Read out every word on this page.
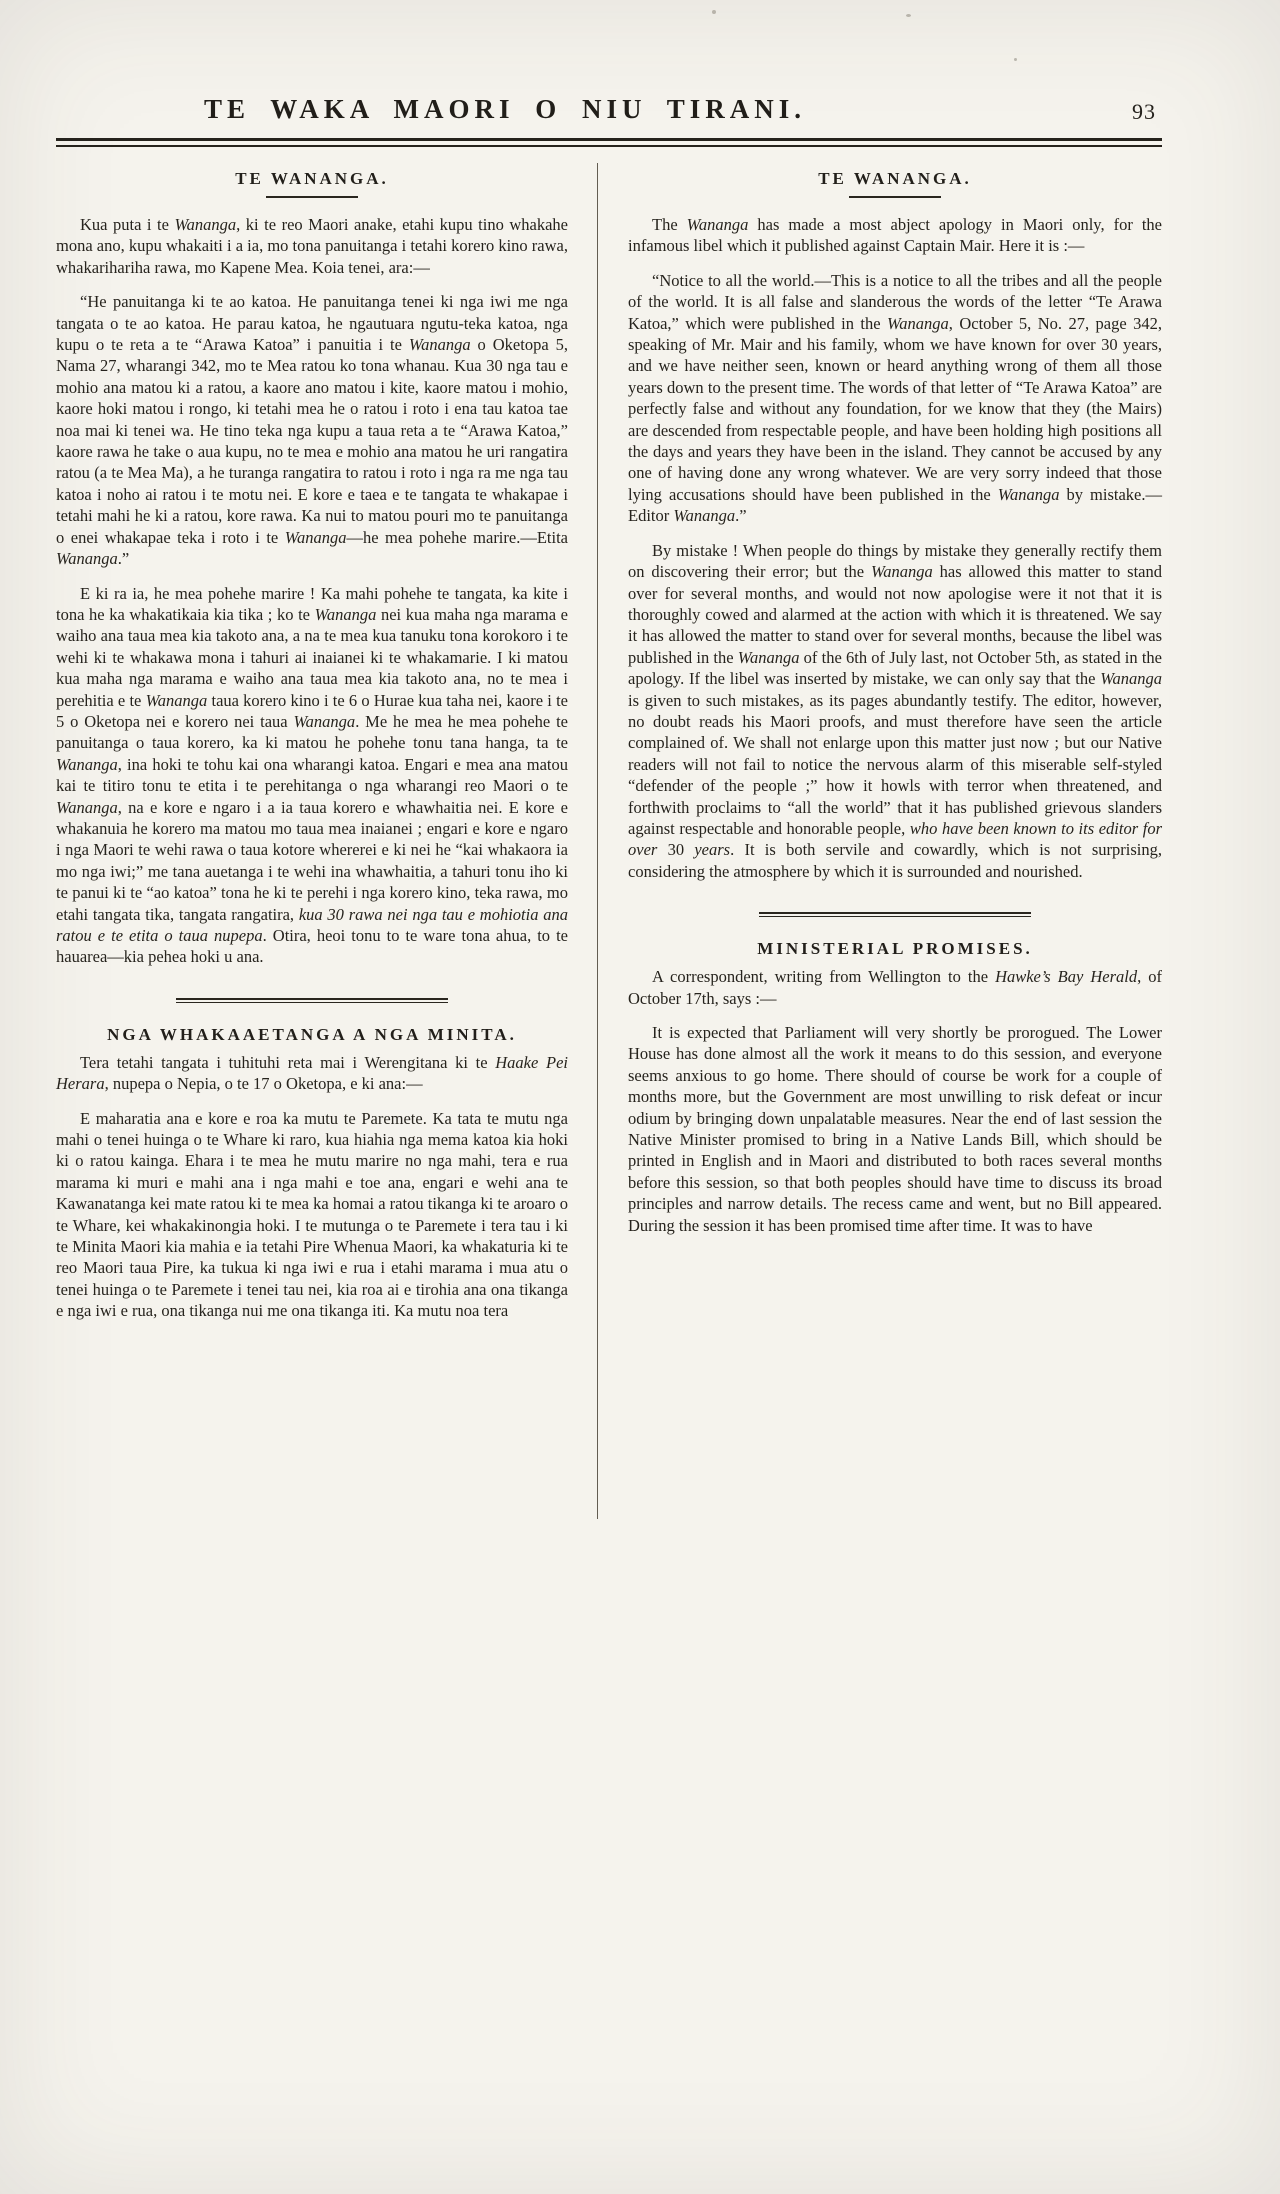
TE WAKA MAORI O NIU TIRANI.	93
TE WANANGA.

Kua puta i te Wananga, ki te reo Maori anake, etahi kupu tino whakahe mona ano, kupu whakaiti i a ia, mo tona panuitanga i tetahi korero kino rawa, whakarihariha rawa, mo Kapene Mea. Koia tenei, ara:—

“He panuitanga ki te ao katoa. He panuitanga tenei ki nga iwi me nga tangata o te ao katoa. He parau katoa, he ngautuara ngutu-teka katoa, nga kupu o te reta a te “Arawa Katoa” i panuitia i te Wananga o Oketopa 5, Nama 27, wharangi 342, mo te Mea ratou ko tona whanau. Kua 30 nga tau e mohio ana matou ki a ratou, a kaore ano matou i kite, kaore matou i mohio, kaore hoki matou i rongo, ki tetahi mea he o ratou i roto i ena tau katoa tae noa mai ki tenei wa. He tino teka nga kupu a taua reta a te “Arawa Katoa,” kaore rawa he take o aua kupu, no te mea e mohio ana matou he uri rangatira ratou (a te Mea Ma), a he turanga rangatira to ratou i roto i nga ra me nga tau katoa i noho ai ratou i te motu nei. E kore e taea e te tangata te whakapae i tetahi mahi he ki a ratou, kore rawa. Ka nui to matou pouri mo te panuitanga o enei whakapae teka i roto i te Wananga—he mea pohehe marire.—Etita Wananga.”

E ki ra ia, he mea pohehe marire ! Ka mahi pohehe te tangata, ka kite i tona he ka whakatikaia kia tika ; ko te Wananga nei kua maha nga marama e waiho ana taua mea kia takoto ana, a na te mea kua tanuku tona korokoro i te wehi ki te whakawa mona i tahuri ai inaianei ki te whakamarie. I ki matou kua maha nga marama e waiho ana taua mea kia takoto ana, no te mea i perehitia e te Wananga taua korero kino i te 6 o Hurae kua taha nei, kaore i te 5 o Oketopa nei e korero nei taua Wananga. Me he mea he mea pohehe te panuitanga o taua korero, ka ki matou he pohehe tonu tana hanga, ta te Wananga, ina hoki te tohu kai ona wharangi katoa. Engari e mea ana matou kai te titiro tonu te etita i te perehitanga o nga wharangi reo Maori o te Wananga, na e kore e ngaro i a ia taua korero e whawhaitia nei. E kore e whakanuia he korero ma matou mo taua mea inaianei ; engari e kore e ngaro i nga Maori te wehi rawa o taua kotore whererei e ki nei he “kai whakaora ia mo nga iwi;” me tana auetanga i te wehi ina whawhaitia, a tahuri tonu iho ki te panui ki te “ao katoa” tona he ki te perehi i nga korero kino, teka rawa, mo etahi tangata tika, tangata rangatira, kua 30 rawa nei nga tau e mohiotia ana ratou e te etita o taua nupepa. Otira, heoi tonu to te ware tona ahua, to te hauarea—kia pehea hoki u ana.

NGA WHAKAAETANGA A NGA MINITA.

Tera tetahi tangata i tuhituhi reta mai i Werengitana ki te Haake Pei Herara, nupepa o Nepia, o te 17 o Oketopa, e ki ana:—

E maharatia ana e kore e roa ka mutu te Paremete. Ka tata te mutu nga mahi o tenei huinga o te Whare ki raro, kua hiahia nga mema katoa kia hoki ki o ratou kainga. Ehara i te mea he mutu marire no nga mahi, tera e rua marama ki muri e mahi ana i nga mahi e toe ana, engari e wehi ana te Kawanatanga kei mate ratou ki te mea ka homai a ratou tikanga ki te aroaro o te Whare, kei whakakinongia hoki. I te mutunga o te Paremete i tera tau i ki te Minita Maori kia mahia e ia tetahi Pire Whenua Maori, ka whakaturia ki te reo Maori taua Pire, ka tukua ki nga iwi e rua i etahi marama i mua atu o tenei huinga o te Paremete i tenei tau nei, kia roa ai e tirohia ana ona tikanga e nga iwi e rua, ona tikanga nui me ona tikanga iti. Ka mutu noa tera

TE WANANGA.

The Wananga has made a most abject apology in Maori only, for the infamous libel which it published against Captain Mair. Here it is :—

“Notice to all the world.—This is a notice to all the tribes and all the people of the world. It is all false and slanderous the words of the letter “Te Arawa Katoa,” which were published in the Wananga, October 5, No. 27, page 342, speaking of Mr. Mair and his family, whom we have known for over 30 years, and we have neither seen, known or heard anything wrong of them all those years down to the present time. The words of that letter of “Te Arawa Katoa” are perfectly false and without any foundation, for we know that they (the Mairs) are descended from respectable people, and have been holding high positions all the days and years they have been in the island. They cannot be accused by any one of having done any wrong whatever. We are very sorry indeed that those lying accusations should have been published in the Wananga by mistake.—Editor Wananga.”

By mistake ! When people do things by mistake they generally rectify them on discovering their error; but the Wananga has allowed this matter to stand over for several months, and would not now apologise were it not that it is thoroughly cowed and alarmed at the action with which it is threatened. We say it has allowed the matter to stand over for several months, because the libel was published in the Wananga of the 6th of July last, not October 5th, as stated in the apology. If the libel was inserted by mistake, we can only say that the Wananga is given to such mistakes, as its pages abundantly testify. The editor, however, no doubt reads his Maori proofs, and must therefore have seen the article complained of. We shall not enlarge upon this matter just now ; but our Native readers will not fail to notice the nervous alarm of this miserable self-styled “defender of the people ;” how it howls with terror when threatened, and forthwith proclaims to “all the world” that it has published grievous slanders against respectable and honorable people, who have been known to its editor for over 30 years. It is both servile and cowardly, which is not surprising, considering the atmosphere by which it is surrounded and nourished.

MINISTERIAL PROMISES.

A correspondent, writing from Wellington to the Hawke’s Bay Herald, of October 17th, says :—

It is expected that Parliament will very shortly be prorogued. The Lower House has done almost all the work it means to do this session, and everyone seems anxious to go home. There should of course be work for a couple of months more, but the Government are most unwilling to risk defeat or incur odium by bringing down unpalatable measures. Near the end of last session the Native Minister promised to bring in a Native Lands Bill, which should be printed in English and in Maori and distributed to both races several months before this session, so that both peoples should have time to discuss its broad principles and narrow details. The recess came and went, but no Bill appeared. During the session it has been promised time after time. It was to have
